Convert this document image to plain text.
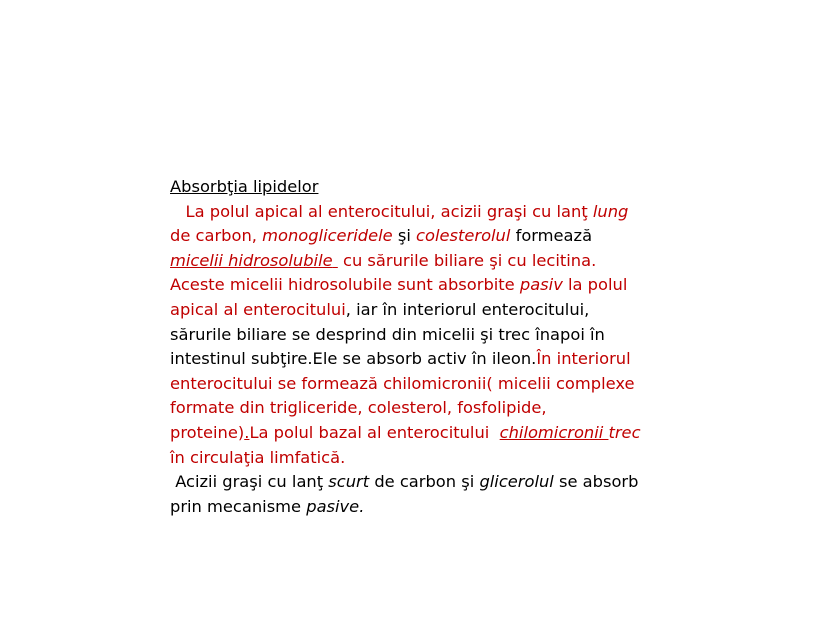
Absorbţia lipidelor
La polul apical al enterocitului, acizii graşi cu lanţ lung
de carbon, monogliceridele şi colesterolul formează
micelii hidrosolubile  cu sărurile biliare şi cu lecitina.
Aceste micelii hidrosolubile sunt absorbite pasiv la polul
apical al enterocitului, iar în interiorul enterocitului,
sărurile biliare se desprind din micelii şi trec înapoi în
intestinul subţire.Ele se absorb activ în ileon.În interiorul
enterocitului se formează chilomicronii( micelii complexe
formate din trigliceride, colesterol, fosfolipide,
proteine).La polul bazal al enterocitului  chilomicronii trec
în circulaţia limfatică.
Acizii graşi cu lanţ scurt de carbon şi glicerolul se absorb
prin mecanisme pasive.
